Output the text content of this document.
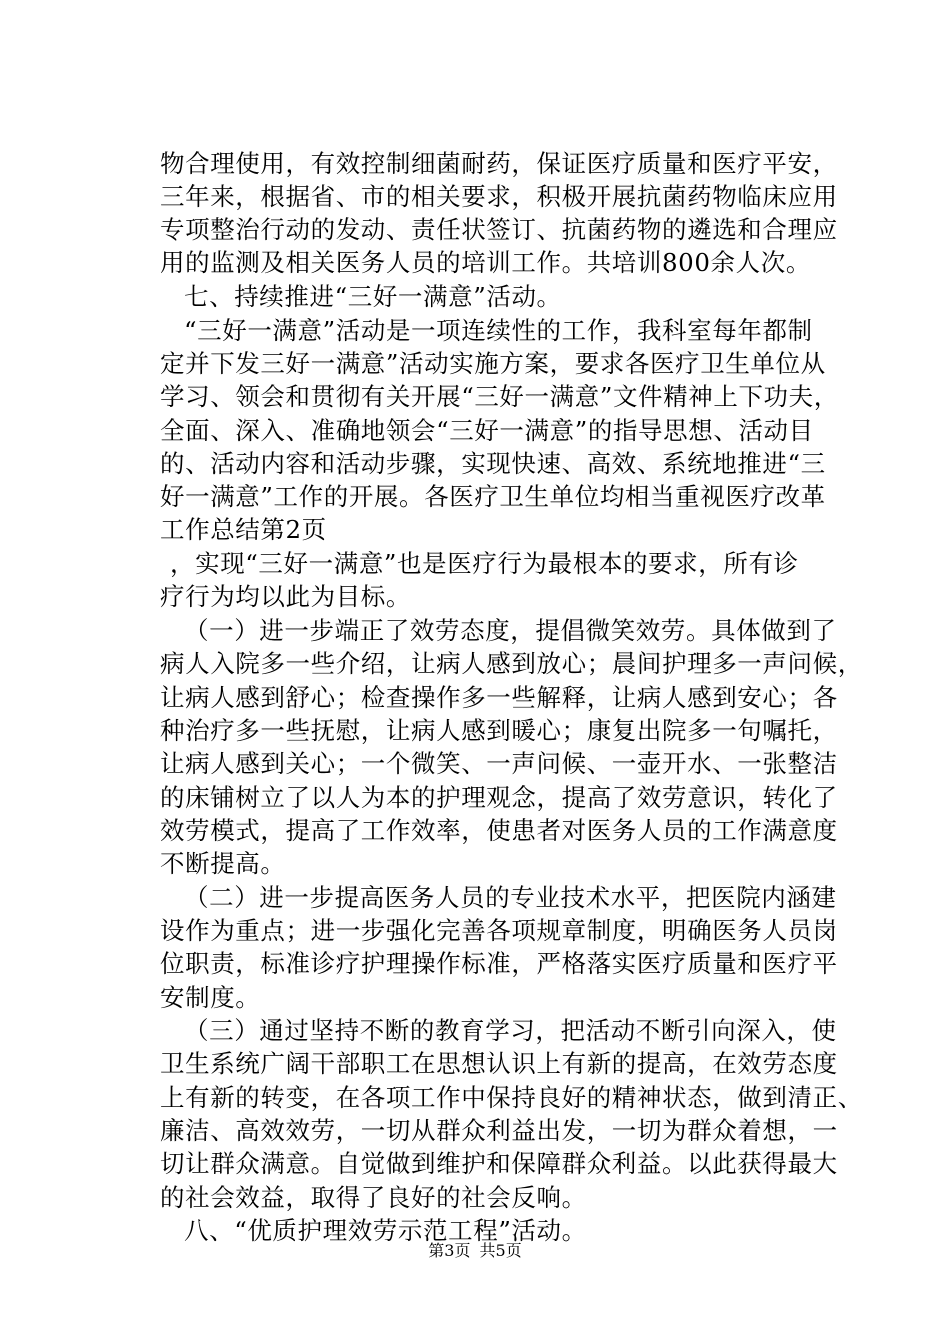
物合理使用，有效控制细菌耐药，保证医疗质量和医疗平安，
三年来，根据省、市的相关要求，积极开展抗菌药物临床应用
专项整治行动的发动、责任状签订、抗菌药物的遴选和合理应
用的监测及相关医务人员的培训工作。共培训800余人次。
七、持续推进“三好一满意”活动。
“三好一满意”活动是一项连续性的工作，我科室每年都制
定并下发三好一满意”活动实施方案，要求各医疗卫生单位从
学习、领会和贯彻有关开展“三好一满意”文件精神上下功夫，
全面、深入、准确地领会“三好一满意”的指导思想、活动目
的、活动内容和活动步骤，实现快速、高效、系统地推进“三
好一满意”工作的开展。各医疗卫生单位均相当重视医疗改革
工作总结第2页
，实现“三好一满意”也是医疗行为最根本的要求，所有诊
疗行为均以此为目标。
（一）进一步端正了效劳态度，提倡微笑效劳。具体做到了
病人入院多一些介绍，让病人感到放心；晨间护理多一声问候，
让病人感到舒心；检查操作多一些解释，让病人感到安心；各
种治疗多一些抚慰，让病人感到暖心；康复出院多一句嘱托，
让病人感到关心；一个微笑、一声问候、一壶开水、一张整洁
的床铺树立了以人为本的护理观念，提高了效劳意识，转化了
效劳模式，提高了工作效率，使患者对医务人员的工作满意度
不断提高。
（二）进一步提高医务人员的专业技术水平，把医院内涵建
设作为重点；进一步强化完善各项规章制度，明确医务人员岗
位职责，标准诊疗护理操作标准，严格落实医疗质量和医疗平
安制度。
（三）通过坚持不断的教育学习，把活动不断引向深入，使
卫生系统广阔干部职工在思想认识上有新的提高，在效劳态度
上有新的转变，在各项工作中保持良好的精神状态，做到清正、
廉洁、高效效劳，一切从群众利益出发，一切为群众着想，一
切让群众满意。自觉做到维护和保障群众利益。以此获得最大
的社会效益，取得了良好的社会反响。
八、“优质护理效劳示范工程”活动。
第3页 共5页
